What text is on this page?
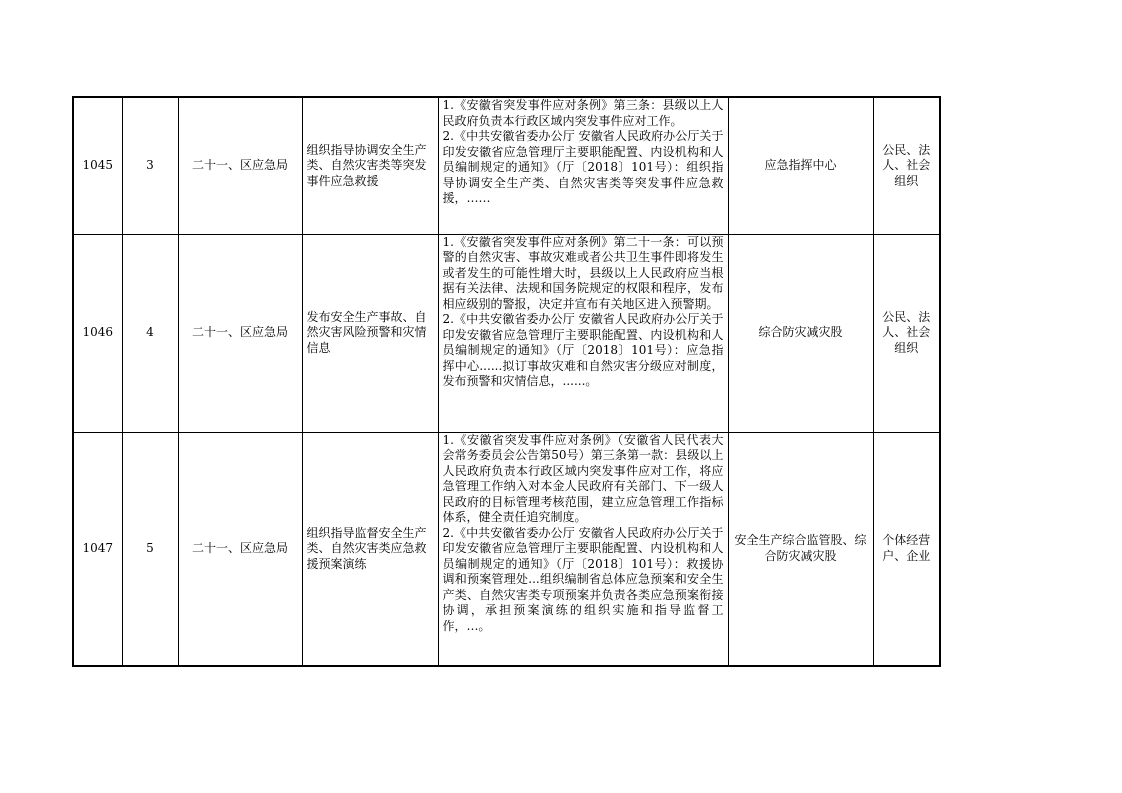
1045	3	二十一、区应急局	组织指导协调安全生产类、自然灾害类等突发事件应急救援	1.《安徽省突发事件应对条例》第三条：县级以上人民政府负责本行政区域内突发事件应对工作。
2.《中共安徽省委办公厅 安徽省人民政府办公厅关于印发安徽省应急管理厅主要职能配置、内设机构和人员编制规定的通知》（厅〔2018〕101号）：组织指导协调安全生产类、自然灾害类等突发事件应急救援，……	应急指挥中心	公民、法人、社会组织
1046	4	二十一、区应急局	发布安全生产事故、自然灾害风险预警和灾情信息	1.《安徽省突发事件应对条例》第二十一条：可以预警的自然灾害、事故灾难或者公共卫生事件即将发生或者发生的可能性增大时，县级以上人民政府应当根据有关法律、法规和国务院规定的权限和程序，发布相应级别的警报，决定并宣布有关地区进入预警期。
2.《中共安徽省委办公厅 安徽省人民政府办公厅关于印发安徽省应急管理厅主要职能配置、内设机构和人员编制规定的通知》（厅〔2018〕101号）：应急指挥中心......拟订事故灾难和自然灾害分级应对制度，发布预警和灾情信息，......。	综合防灾减灾股	公民、法人、社会组织
1047	5	二十一、区应急局	组织指导监督安全生产类、自然灾害类应急救援预案演练	1.《安徽省突发事件应对条例》（安徽省人民代表大会常务委员会公告第50号）第三条第一款：县级以上人民政府负责本行政区域内突发事件应对工作，将应急管理工作纳入对本金人民政府有关部门、下一级人民政府的目标管理考核范围，建立应急管理工作指标体系，健全责任追究制度。
2.《中共安徽省委办公厅 安徽省人民政府办公厅关于印发安徽省应急管理厅主要职能配置、内设机构和人员编制规定的通知》（厅〔2018〕101号）：救援协调和预案管理处...组织编制省总体应急预案和安全生产类、自然灾害类专项预案并负责各类应急预案衔接协调，承担预案演练的组织实施和指导监督工作，…。	安全生产综合监管股、综合防灾减灾股	个体经营户、企业
